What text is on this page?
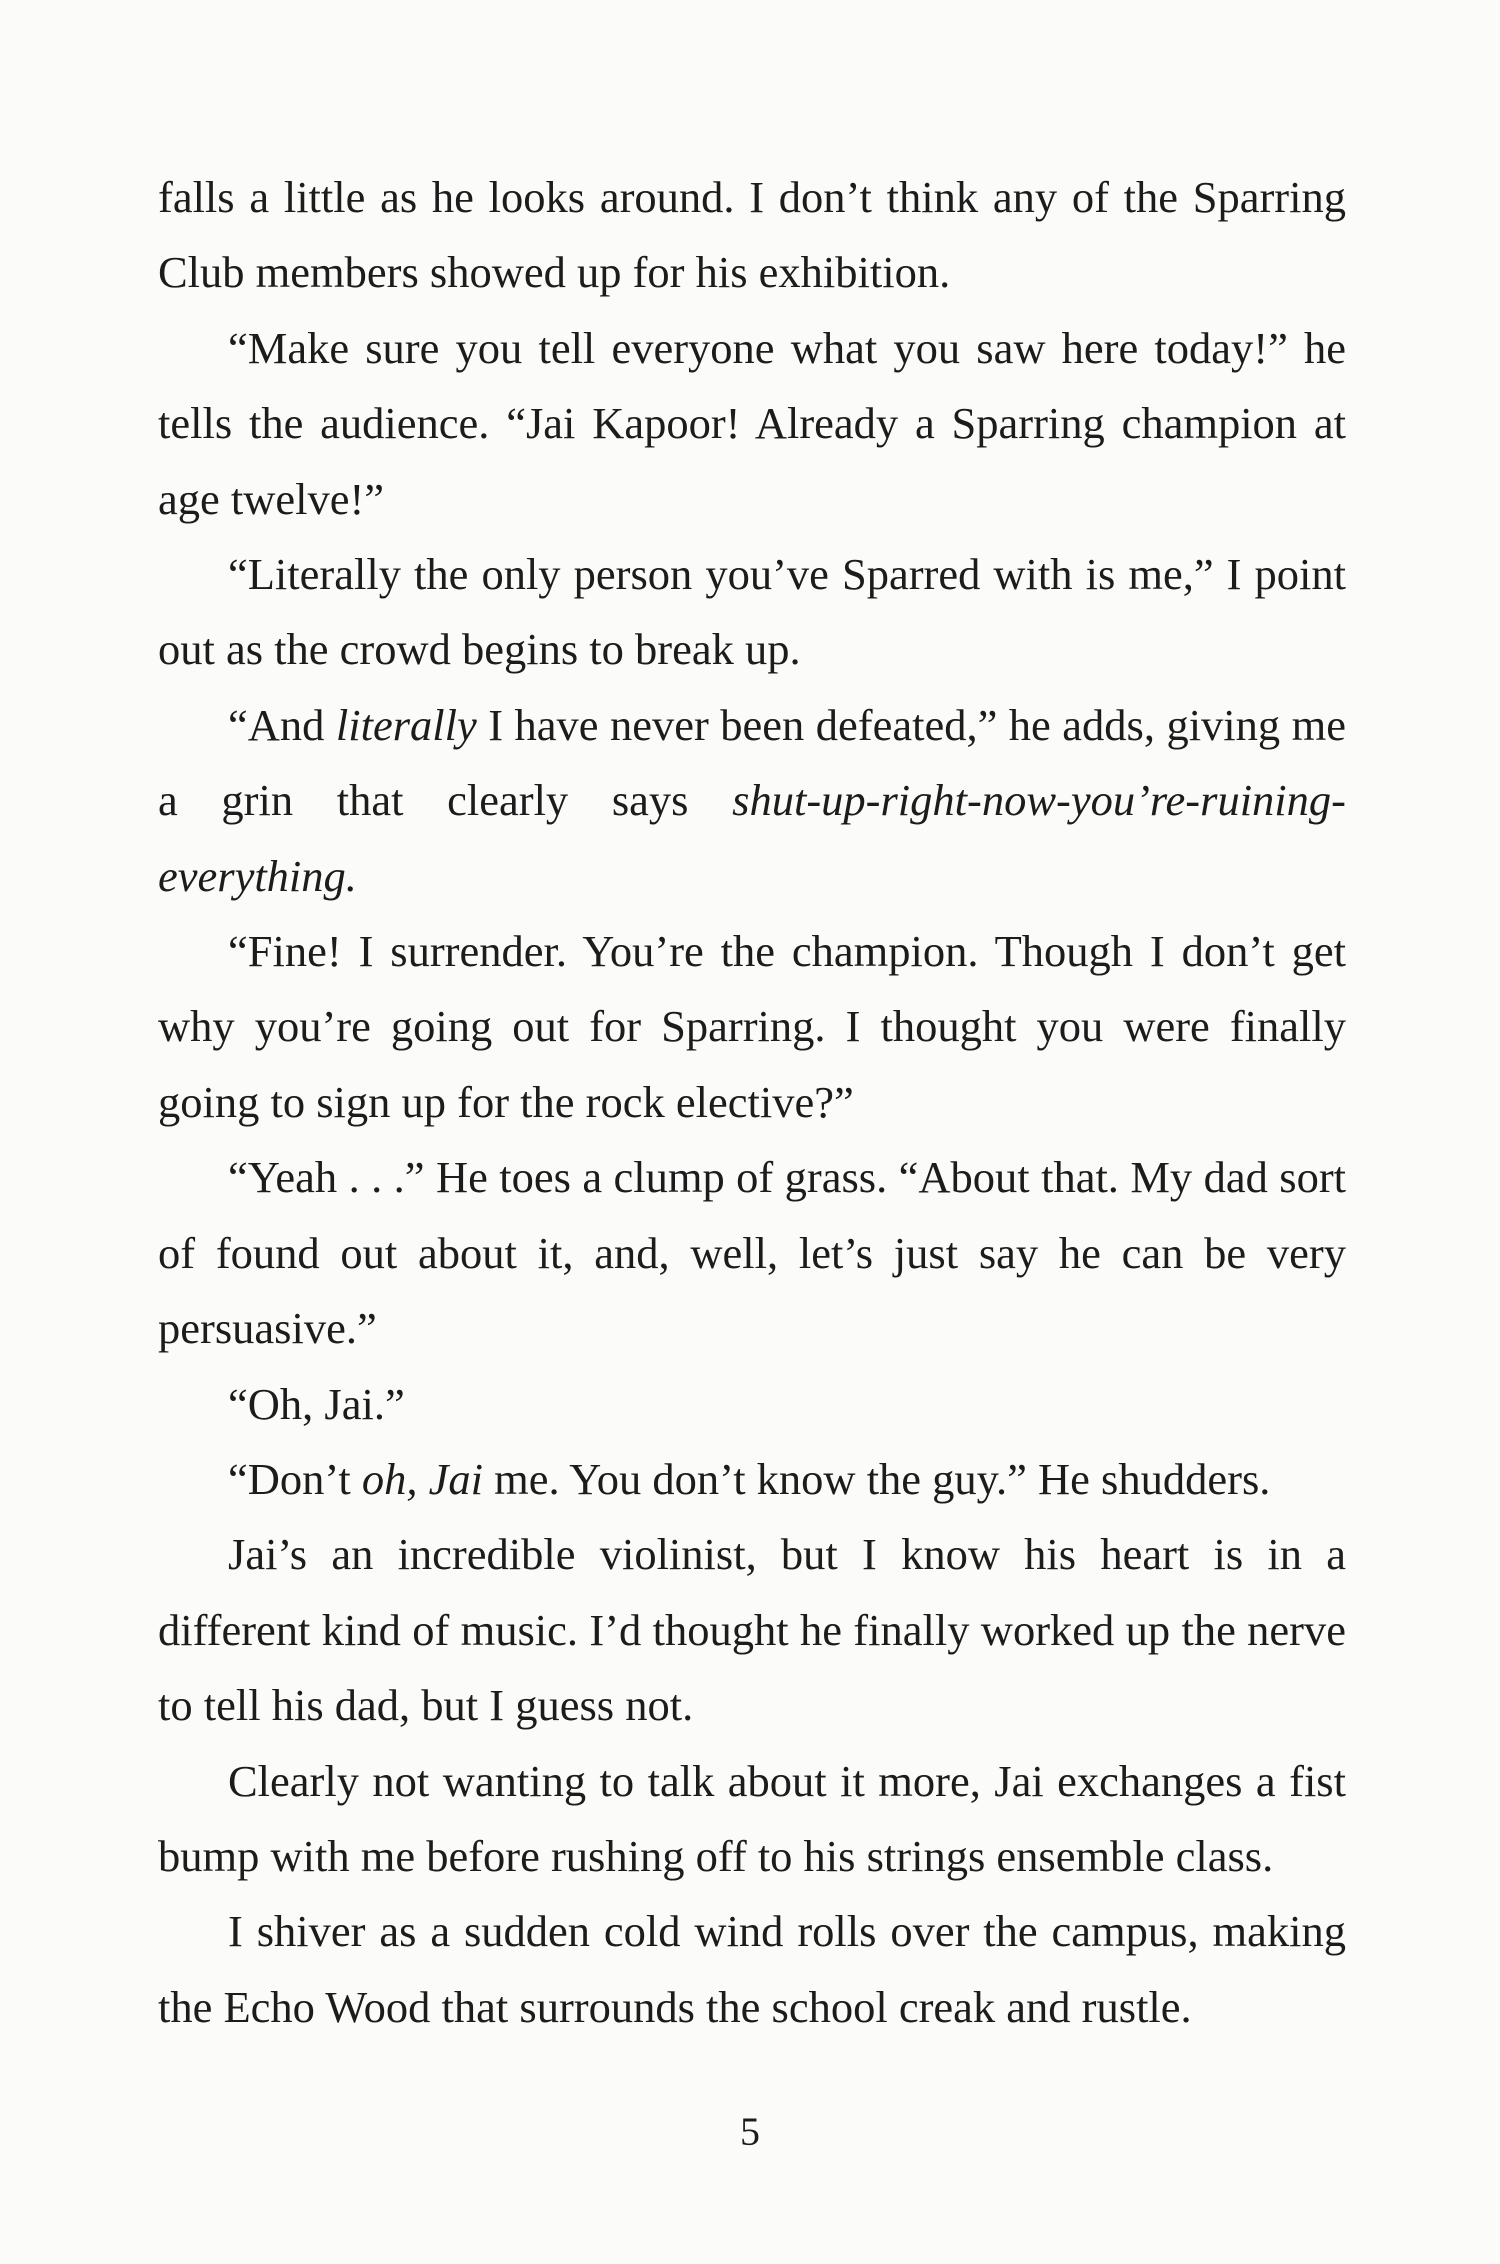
falls a little as he looks around. I don’t think any of the Sparring Club members showed up for his exhibition.

“Make sure you tell everyone what you saw here today!” he tells the audience. “Jai Kapoor! Already a Sparring champion at age twelve!”

“Literally the only person you’ve Sparred with is me,” I point out as the crowd begins to break up.

“And literally I have never been defeated,” he adds, giving me a grin that clearly says shut-up-right-now-you’re-ruining-everything.

“Fine! I surrender. You’re the champion. Though I don’t get why you’re going out for Sparring. I thought you were finally going to sign up for the rock elective?”

“Yeah . . .” He toes a clump of grass. “About that. My dad sort of found out about it, and, well, let’s just say he can be very persuasive.”

“Oh, Jai.”

“Don’t oh, Jai me. You don’t know the guy.” He shudders.

Jai’s an incredible violinist, but I know his heart is in a different kind of music. I’d thought he finally worked up the nerve to tell his dad, but I guess not.

Clearly not wanting to talk about it more, Jai exchanges a fist bump with me before rushing off to his strings ensemble class.

I shiver as a sudden cold wind rolls over the campus, making the Echo Wood that surrounds the school creak and rustle.

5
